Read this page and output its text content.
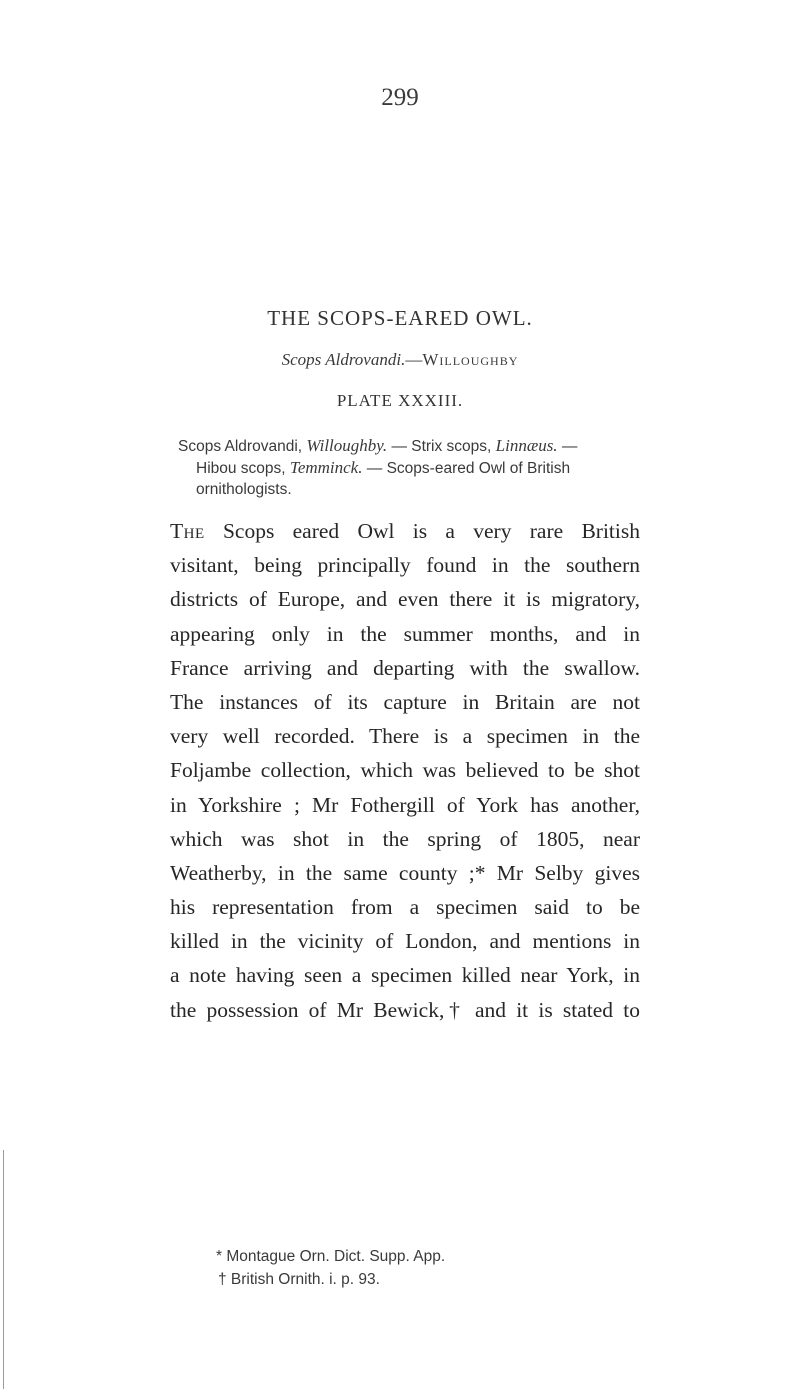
299
THE SCOPS-EARED OWL.
Scops Aldrovandi.—Willoughby
PLATE XXXIII.
Scops Aldrovandi, Willoughby. — Strix scops, Linnæus. —
Hibou scops, Temminck. — Scops-eared Owl of British
ornithologists.
The Scops eared Owl is a very rare British
visitant, being principally found in the southern
districts of Europe, and even there it is migratory,
appearing only in the summer months, and in
France arriving and departing with the swallow.
The instances of its capture in Britain are not
very well recorded. There is a specimen in the
Foljambe collection, which was believed to be shot
in Yorkshire ; Mr Fothergill of York has another,
which was shot in the spring of 1805, near
Weatherby, in the same county ;* Mr Selby gives
his representation from a specimen said to be
killed in the vicinity of London, and mentions in
a note having seen a specimen killed near York, in
the possession of Mr Bewick,† and it is stated to
* Montague Orn. Dict. Supp. App.
† British Ornith. i. p. 93.
